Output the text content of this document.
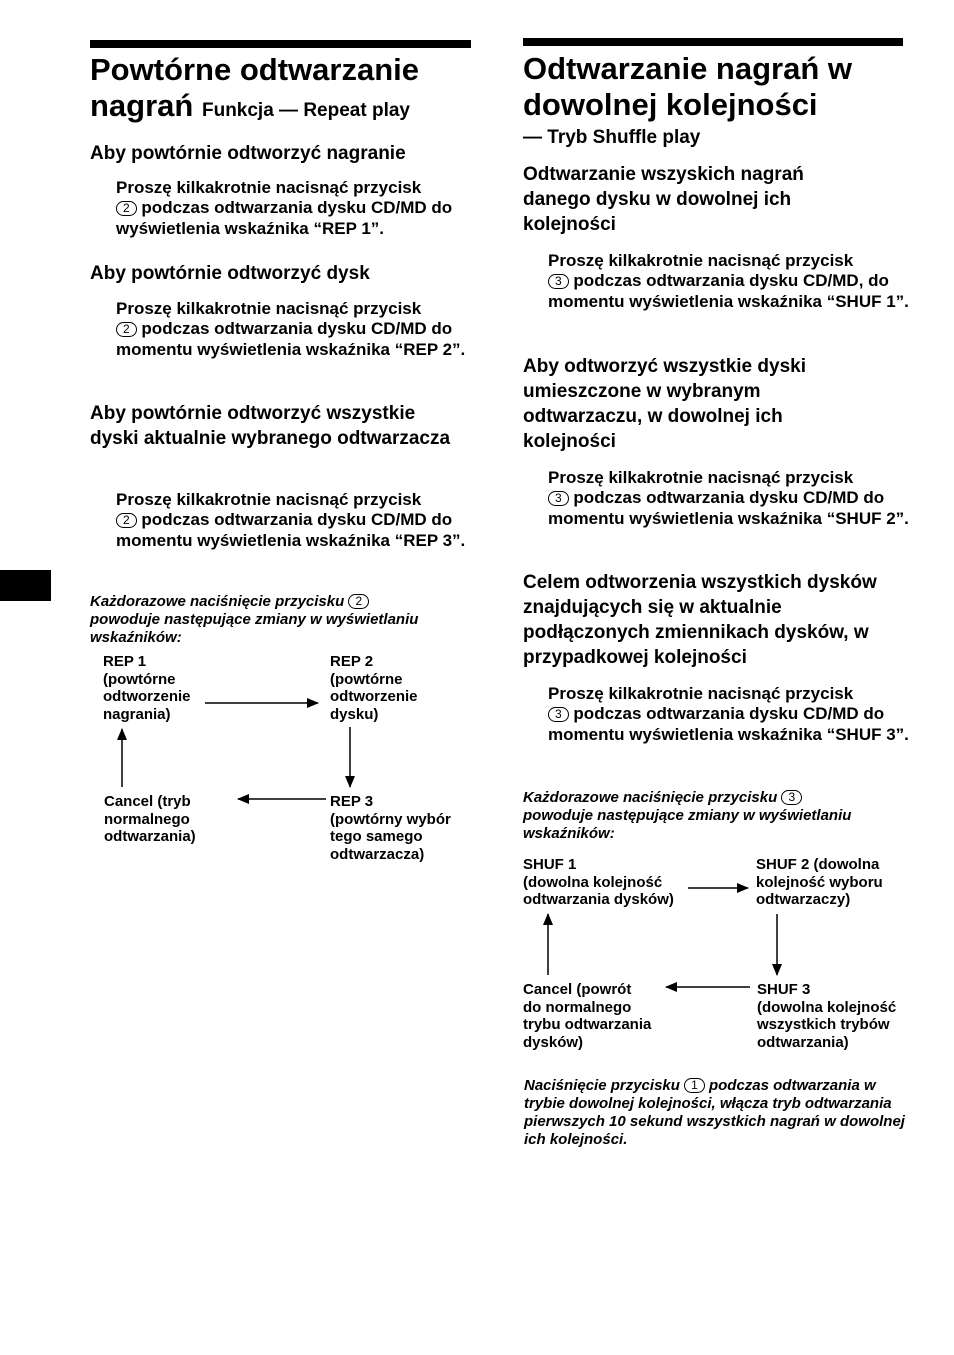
Powtórne odtwarzanie
nagrań Funkcja — Repeat play
Aby powtórnie odtworzyć nagranie

Proszę kilkakrotnie nacisnąć przycisk
2 podczas odtwarzania dysku CD/MD do wyświetlenia wskaźnika “REP 1”.

Aby powtórnie odtworzyć dysk

Proszę kilkakrotnie nacisnąć przycisk
2 podczas odtwarzania dysku CD/MD do momentu wyświetlenia wskaźnika “REP 2”.

Aby powtórnie odtworzyć wszystkie dyski aktualnie wybranego odtwarzacza

Proszę kilkakrotnie nacisnąć przycisk
2 podczas odtwarzania dysku CD/MD do momentu wyświetlenia wskaźnika “REP 3”.

Każdorazowe naciśnięcie przycisku 2
powoduje następujące zmiany w wyświetlaniu wskaźników:

REP 1
(powtórne
odtworzenie
nagrania)
REP 2
(powtórne
odtworzenie
dysku)
Cancel (tryb
normalnego
odtwarzania)
REP 3
(powtórny wybór
tego samego
odtwarzacza)
Odtwarzanie nagrań w
dowolnej kolejności
— Tryb Shuffle play
Odtwarzanie wszyskich nagrań danego dysku w dowolnej ich kolejności

Proszę kilkakrotnie nacisnąć przycisk
3 podczas odtwarzania dysku CD/MD, do momentu wyświetlenia wskaźnika “SHUF 1”.

Aby odtworzyć wszystkie dyski umieszczone w wybranym odtwarzaczu, w dowolnej ich kolejności

Proszę kilkakrotnie nacisnąć przycisk
3 podczas odtwarzania dysku CD/MD do momentu wyświetlenia wskaźnika “SHUF 2”.

Celem odtworzenia wszystkich dysków znajdujących się w aktualnie podłączonych zmiennikach dysków, w przypadkowej kolejności

Proszę kilkakrotnie nacisnąć przycisk
3 podczas odtwarzania dysku CD/MD do momentu wyświetlenia wskaźnika “SHUF 3”.

Każdorazowe naciśnięcie przycisku 3
powoduje następujące zmiany w wyświetlaniu wskaźników:

SHUF 1
(dowolna kolejność
odtwarzania dysków)
SHUF 2 (dowolna
kolejność wyboru
odtwarzaczy)
Cancel (powrót
do normalnego
trybu odtwarzania
dysków)
SHUF 3
(dowolna kolejność
wszystkich trybów
odtwarzania)

Naciśnięcie przycisku 1 podczas odtwarzania w trybie dowolnej kolejności, włącza tryb odtwarzania pierwszych 10 sekund wszystkich nagrań w dowolnej ich kolejności.
